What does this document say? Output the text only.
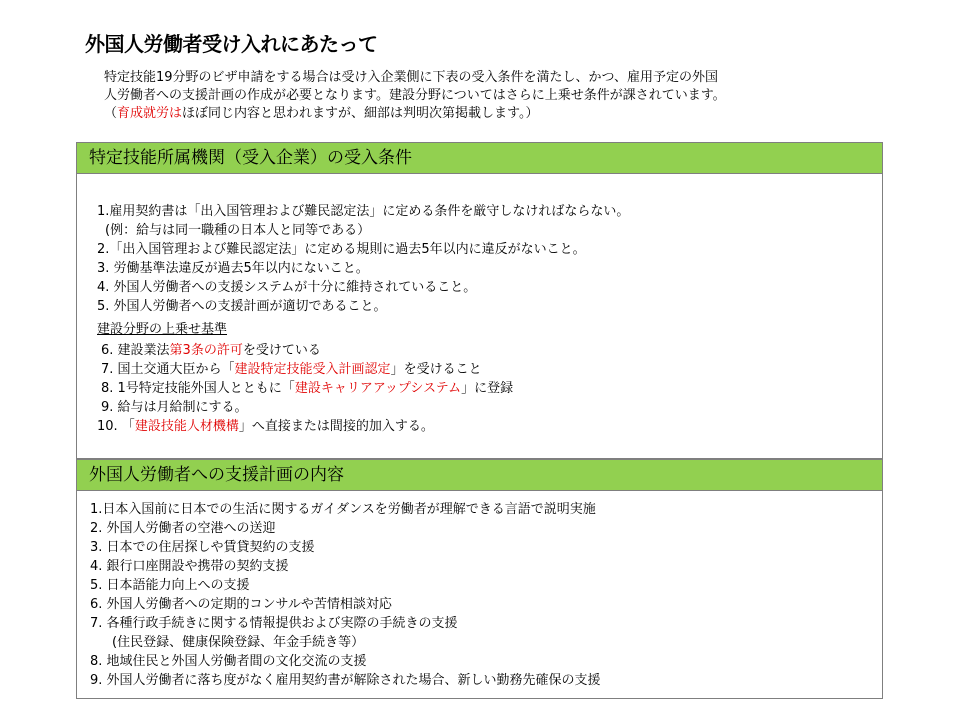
外国人労働者受け入れにあたって
特定技能19分野のビザ申請をする場合は受け入企業側に下表の受入条件を満たし、かつ、雇用予定の外国
人労働者への支援計画の作成が必要となります。建設分野についてはさらに上乗せ条件が課されています。
（育成就労はほぼ同じ内容と思われますが、細部は判明次第掲載します。）
特定技能所属機関（受入企業）の受入条件
1.雇用契約書は「出入国管理および難民認定法」に定める条件を厳守しなければならない。
(例：給与は同一職種の日本人と同等である）
2.「出入国管理および難民認定法」に定める規則に過去5年以内に違反がないこと。
3. 労働基準法違反が過去5年以内にないこと。
4. 外国人労働者への支援システムが十分に維持されていること。
5. 外国人労働者への支援計画が適切であること。
建設分野の上乗せ基準
6. 建設業法第3条の許可を受けている
7. 国土交通大臣から「建設特定技能受入計画認定」を受けること
8. 1号特定技能外国人とともに「建設キャリアアップシステム」に登録
9. 給与は月給制にする。
10. 「建設技能人材機構」へ直接または間接的加入する。
外国人労働者への支援計画の内容
1.日本入国前に日本での生活に関するガイダンスを労働者が理解できる言語で説明実施
2. 外国人労働者の空港への送迎
3. 日本での住居探しや賃貸契約の支援
4. 銀行口座開設や携帯の契約支援
5. 日本語能力向上への支援
6. 外国人労働者への定期的コンサルや苦情相談対応
7. 各種行政手続きに関する情報提供および実際の手続きの支援
(住民登録、健康保険登録、年金手続き等）
8. 地域住民と外国人労働者間の文化交流の支援
9. 外国人労働者に落ち度がなく雇用契約書が解除された場合、新しい勤務先確保の支援
